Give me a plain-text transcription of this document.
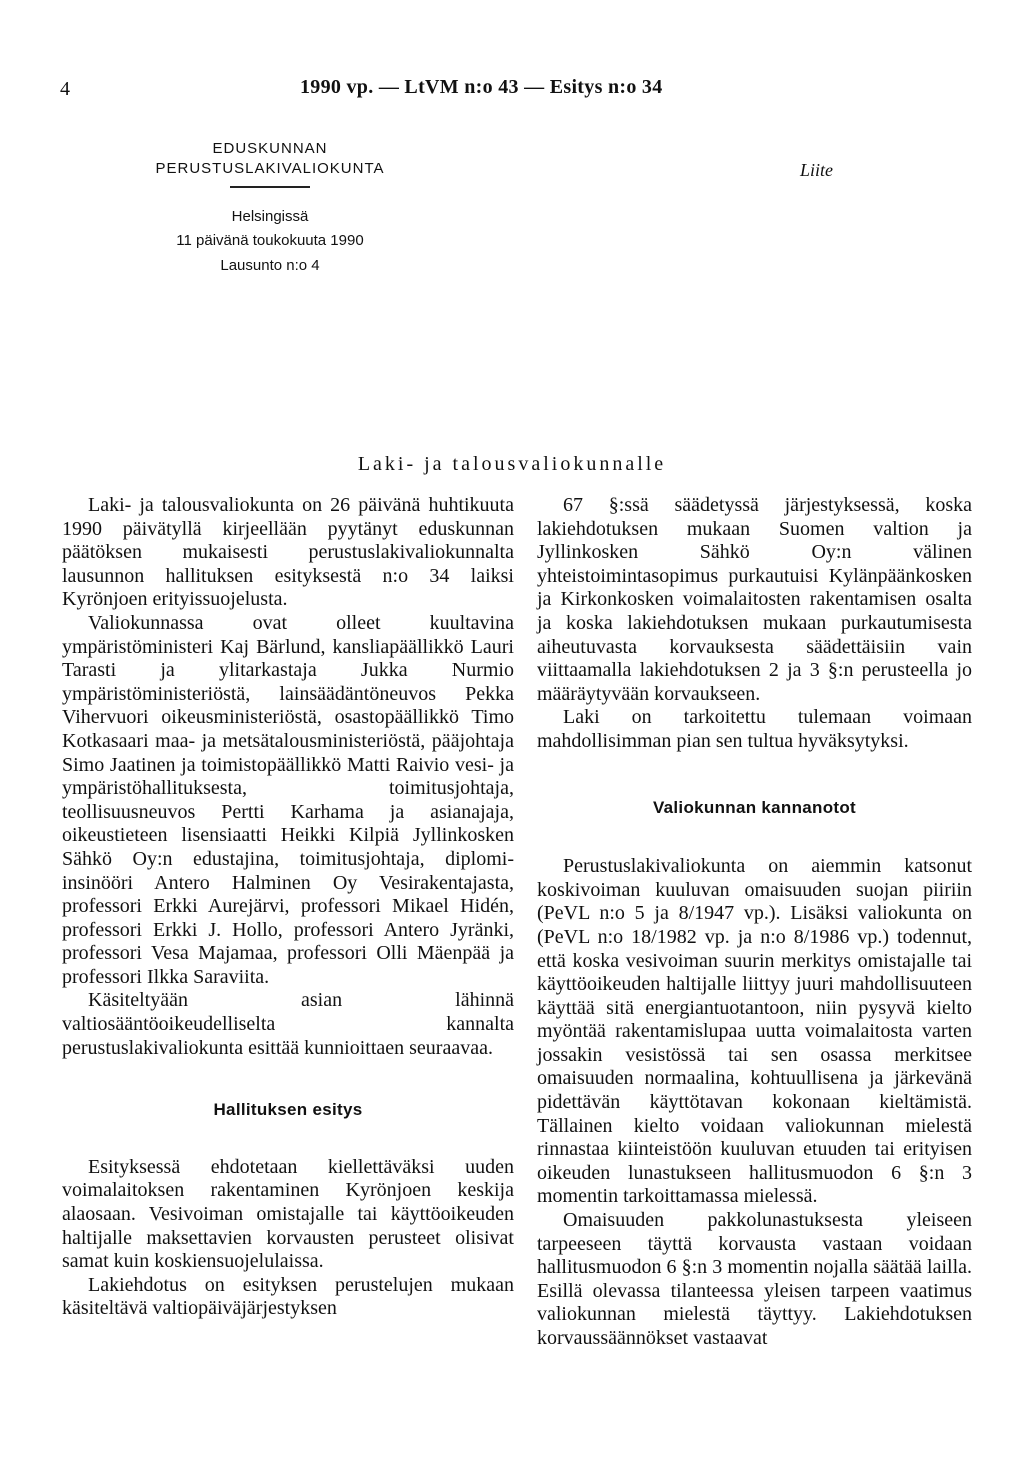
4	1990 vp. — LtVM n:o 43 — Esitys n:o 34
EDUSKUNNAN
PERUSTUSLAKIVALIOKUNTA	Liite
Helsingissä
11 päivänä toukokuuta 1990
Lausunto n:o 4
Laki- ja talousvaliokunnalle

Laki- ja talousvaliokunta on 26 päivänä huhtikuuta 1990 päivätyllä kirjeellään pyytänyt eduskunnan päätöksen mukaisesti perustuslakivaliokunnalta lausunnon hallituksen esityksestä n:o 34 laiksi Kyrönjoen erityissuojelusta.

Valiokunnassa ovat olleet kuultavina ympäristöministeri Kaj Bärlund, kansliapäällikkö Lauri Tarasti ja ylitarkastaja Jukka Nurmio ympäristöministeriöstä, lainsäädäntöneuvos Pekka Vihervuori oikeusministeriöstä, osastopäällikkö Timo Kotkasaari maa- ja metsätalousministeriöstä, pääjohtaja Simo Jaatinen ja toimistopäällikkö Matti Raivio vesi- ja ympäristöhallituksesta, toimitusjohtaja, teollisuusneuvos Pertti Karhama ja asianajaja, oikeustieteen lisensiaatti Heikki Kilpiä Jyllinkosken Sähkö Oy:n edustajina, toimitusjohtaja, diplomi-insinööri Antero Halminen Oy Vesirakentajasta, professori Erkki Aurejärvi, professori Mikael Hidén, professori Erkki J. Hollo, professori Antero Jyränki, professori Vesa Majamaa, professori Olli Mäenpää ja professori Ilkka Saraviita.

Käsiteltyään asian lähinnä valtiosääntöoikeudelliselta kannalta perustuslakivaliokunta esittää kunnioittaen seuraavaa.

Hallituksen esitys

Esityksessä ehdotetaan kiellettäväksi uuden voimalaitoksen rakentaminen Kyrönjoen keskija alaosaan. Vesivoiman omistajalle tai käyttöoikeuden haltijalle maksettavien korvausten perusteet olisivat samat kuin koskiensuojelulaissa.

Lakiehdotus on esityksen perustelujen mukaan käsiteltävä valtiopäiväjärjestyksen

67 §:ssä säädetyssä järjestyksessä, koska lakiehdotuksen mukaan Suomen valtion ja Jyllinkosken Sähkö Oy:n välinen yhteistoimintasopimus purkautuisi Kylänpäänkosken ja Kirkonkosken voimalaitosten rakentamisen osalta ja koska lakiehdotuksen mukaan purkautumisesta aiheutuvasta korvauksesta säädettäisiin vain viittaamalla lakiehdotuksen 2 ja 3 §:n perusteella jo määräytyvään korvaukseen.

Laki on tarkoitettu tulemaan voimaan mahdollisimman pian sen tultua hyväksytyksi.

Valiokunnan kannanotot

Perustuslakivaliokunta on aiemmin katsonut koskivoiman kuuluvan omaisuuden suojan piiriin (PeVL n:o 5 ja 8/1947 vp.). Lisäksi valiokunta on (PeVL n:o 18/1982 vp. ja n:o 8/1986 vp.) todennut, että koska vesivoiman suurin merkitys omistajalle tai käyttöoikeuden haltijalle liittyy juuri mahdollisuuteen käyttää sitä energiantuotantoon, niin pysyvä kielto myöntää rakentamislupaa uutta voimalaitosta varten jossakin vesistössä tai sen osassa merkitsee omaisuuden normaalina, kohtuullisena ja järkevänä pidettävän käyttötavan kokonaan kieltämistä. Tällainen kielto voidaan valiokunnan mielestä rinnastaa kiinteistöön kuuluvan etuuden tai erityisen oikeuden lunastukseen hallitusmuodon 6 §:n 3 momentin tarkoittamassa mielessä.

Omaisuuden pakkolunastuksesta yleiseen tarpeeseen täyttä korvausta vastaan voidaan hallitusmuodon 6 §:n 3 momentin nojalla säätää lailla. Esillä olevassa tilanteessa yleisen tarpeen vaatimus valiokunnan mielestä täyttyy. Lakiehdotuksen korvaussäännökset vastaavat
